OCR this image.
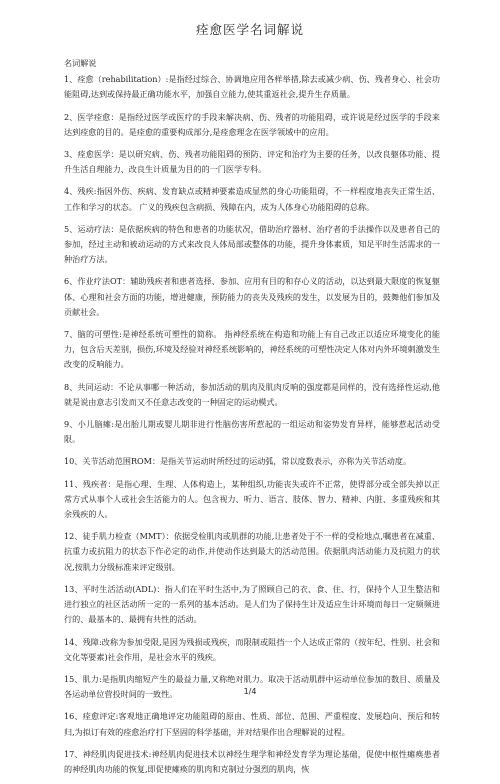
痊愈医学名词解说
名词解说

1、痊愈（rehabilitation）:是指经过综合、协调地应用各样举措,除去或减少病、伤、残者身心、社会功能阻碍,达到或保持最正确功能水平，加强自立能力,使其重返社会,提升生存质量。

2、医学痊愈：是指经过医学或医疗的手段来解决病、伤、残者的功能阻碍，或许说是经过医学的手段来达到痊愈的目的。是痊愈的重要构成部分,是痊愈理念在医学领域中的应用。

3、痊愈医学：是以研究病、伤、残者功能阻碍的预防、评定和治疗为主要的任务，以改良躯体功能、提升生活自理能力、改良生计质量为目的的一门医学专科。

4、残疾:指因外伤、疾病、发育缺点或精神要素造成显然的身心功能阻碍，不一样程度地丧失正常生活、工作和学习的状态。 广义的残疾包含病损、残障在内，成为人体身心功能阻碍的总称。

5、运动疗法：是依据疾病的特色和患者的功能状况，借助治疗器材、治疗者的手法操作以及患者自己的参加，经过主动和被动运动的方式来改良人体局部或整体的功能，提升身体素质，知足平时生活需求的一种治疗方法。

6、作业疗法OT：辅助残疾者和患者选择、参加、应用有目的和存心义的活动，以达到最大限度的恢复躯体、心理和社会方面的功能，增进健康，预防能力的丧失及残疾的发生，以发展为目的，鼓舞他们参加及贡献社会。

7、脑的可塑性:是神经系统可塑性的简称。 指神经系统在构造和功能上有自己改正以适应环境变化的能力，包含后天差别，损伤,环境及经验对神经系统影响的，神经系统的可塑性决定人体对内外环境刺激发生改变的反响能力。

8、共同运动：不论从事哪一种活动，参加活动的肌肉及肌肉反响的强度都是同样的，没有选择性运动,他就是说由意志引发而又不任意志改变的一种固定的运动模式。

9、小儿脑瘫:是出胎儿期或婴儿期非进行性脑伤害所惹起的一组运动和姿势发育异样，能够惹起活动受限。

10、关节活动范围ROM：是指关节运动时所经过的运动弧，常以度数表示，亦称为关节活动度。

11、残疾者：是指心理、生理、人体构造上，某种组织,功能丧失或许不正常，使得部分或全部失掉以正常方式从事个人或社会生活能力的人。包含视力、听力、语言、肢体、智力、精神、内脏、多重残疾和其余残疾的人。

12、徒手肌力检查（MMT）：依据受检肌肉或肌群的功能,让患者处于不一样的受检地点,嘱患者在减重、抗重力或抗阻力的状态下作必定的动作,并使动作达到最大的活动范围。依据肌肉活动能力及抗阻力的状况,按肌力分级标准来评定级别。

13、平时生活活动(ADL)：指人们在平时生活中,为了照顾自己的衣、食、住、行，保持个人卫生整洁和进行独立的社区活动所一定的一系列的基本活动。是人们为了保持生计及适应生计环境而每日一定频频进行的、最基本的、最拥有共性的活动。

14、残障:改称为参加受限,是因为残损或残疾，而限制或阻挡一个人达成正常的（按年纪、性别、社会和文化等要素)社会作用，是社会水平的残疾。

15、肌力:是指肌肉缩短产生的最益力量,又称绝对肌力。取决于活动肌群中运动单位参加的数目、质量及各运动单位营投时间的一致性。

16、痊愈评定:客观地正确地评定功能阻碍的原由、性质、部位、范围、严重程度、发展趋向、预后和转归,为拟订有效的痊愈治疗打下坚固的科学基础，并对结果作出合理解说的过程。

17、神经肌肉促进技术:神经肌肉促进技术以神经生理学和神经发育学为理论基础，促使中枢性瘫痪患者的神经肌肉功能的恢复,即促使瘫痪的肌肉和克制过分强烈的肌肉，恢

1/4
